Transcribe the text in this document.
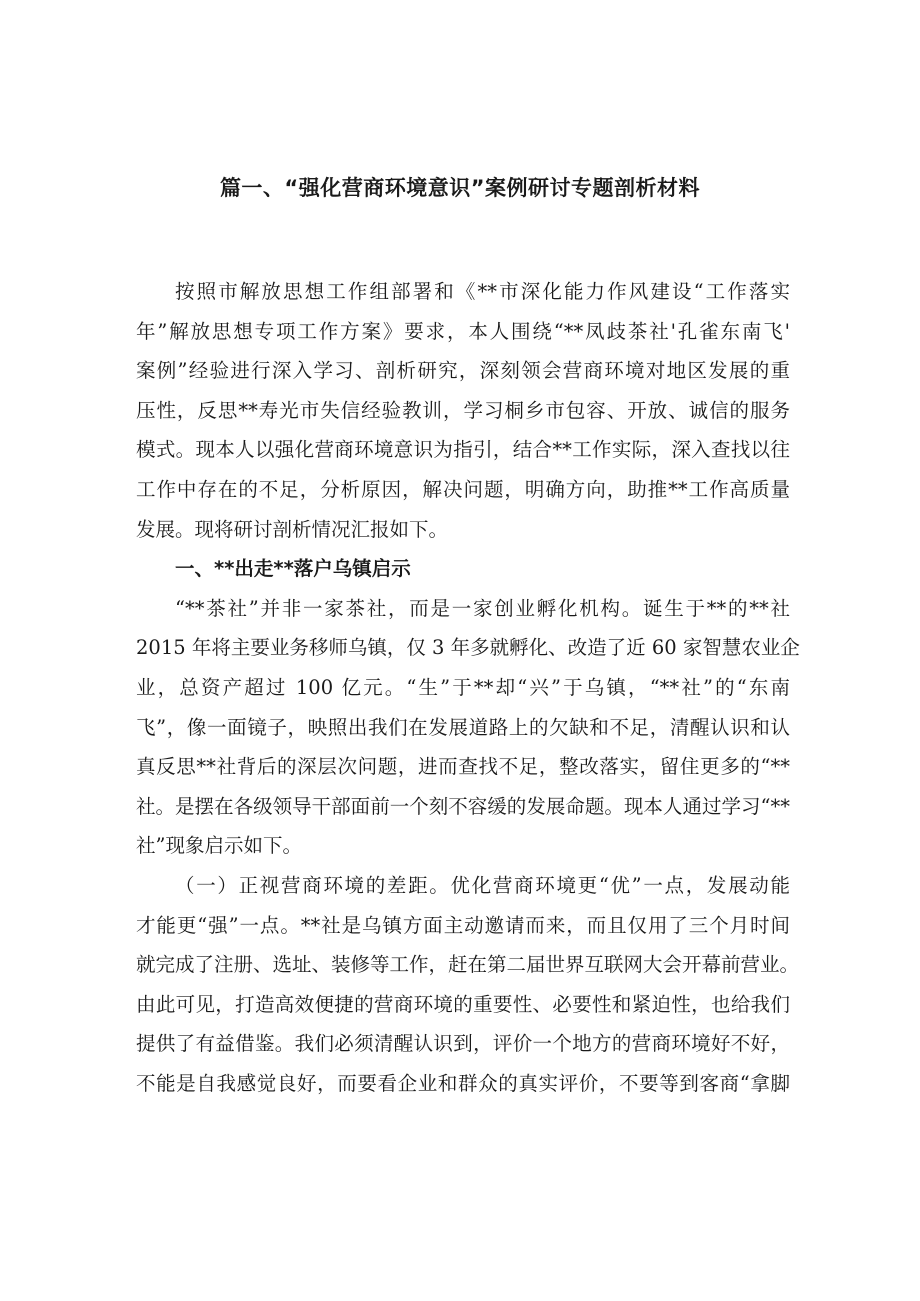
篇一、“强化营商环境意识”案例研讨专题剖析材料
按照市解放思想工作组部署和《**市深化能力作风建设“工作落实
年”解放思想专项工作方案》要求，本人围绕“**凤歧茶社'孔雀东南飞'
案例”经验进行深入学习、剖析研究，深刻领会营商环境对地区发展的重
压性，反思**寿光市失信经验教训，学习桐乡市包容、开放、诚信的服务
模式。现本人以强化营商环境意识为指引，结合**工作实际，深入查找以往
工作中存在的不足，分析原因，解决问题，明确方向，助推**工作高质量
发展。现将研讨剖析情况汇报如下。
一、**出走**落户乌镇启示
“**茶社”并非一家茶社，而是一家创业孵化机构。诞生于**的**社
2015 年将主要业务移师乌镇，仅 3 年多就孵化、改造了近 60 家智慧农业企
业，总资产超过 100 亿元。“生”于**却“兴”于乌镇，“**社”的“东南
飞”，像一面镜子，映照出我们在发展道路上的欠缺和不足，清醒认识和认
真反思**社背后的深层次问题，进而查找不足，整改落实，留住更多的“**
社。是摆在各级领导干部面前一个刻不容缓的发展命题。现本人通过学习“**
社”现象启示如下。
（一）正视营商环境的差距。优化营商环境更“优”一点，发展动能
才能更“强”一点。**社是乌镇方面主动邀请而来，而且仅用了三个月时间
就完成了注册、选址、装修等工作，赶在第二届世界互联网大会开幕前营业。
由此可见，打造高效便捷的营商环境的重要性、必要性和紧迫性，也给我们
提供了有益借鉴。我们必须清醒认识到，评价一个地方的营商环境好不好，
不能是自我感觉良好，而要看企业和群众的真实评价，不要等到客商“拿脚
